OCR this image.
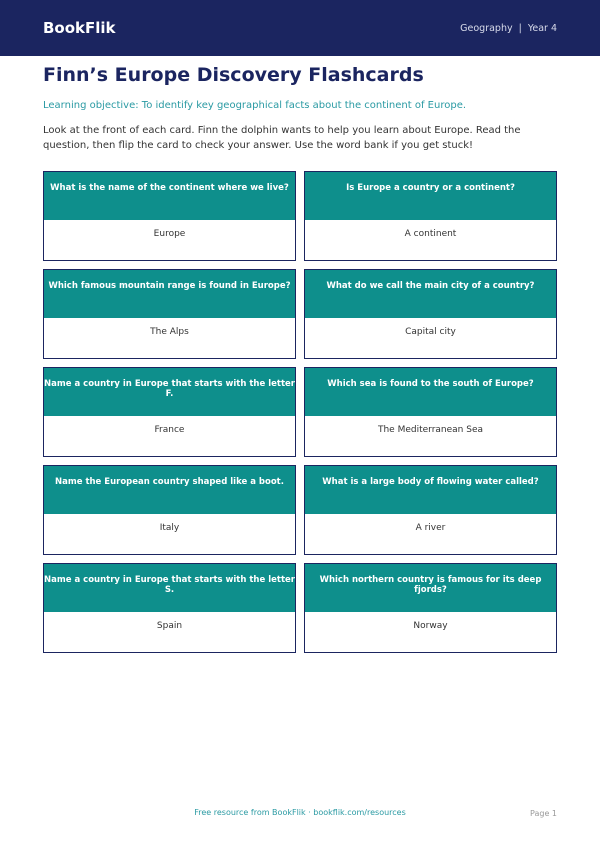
BookFlik	Geography | Year 4
Finn’s Europe Discovery Flashcards
Learning objective: To identify key geographical facts about the continent of Europe.
Look at the front of each card. Finn the dolphin wants to help you learn about Europe. Read the question, then flip the card to check your answer. Use the word bank if you get stuck!
What is the name of the continent where we live?
Europe
Is Europe a country or a continent?
A continent
Which famous mountain range is found in Europe?
The Alps
What do we call the main city of a country?
Capital city
Name a country in Europe that starts with the letter F.
France
Which sea is found to the south of Europe?
The Mediterranean Sea
Name the European country shaped like a boot.
Italy
What is a large body of flowing water called?
A river
Name a country in Europe that starts with the letter S.
Spain
Which northern country is famous for its deep fjords?
Norway
Free resource from BookFlik · bookflik.com/resources	Page 1
